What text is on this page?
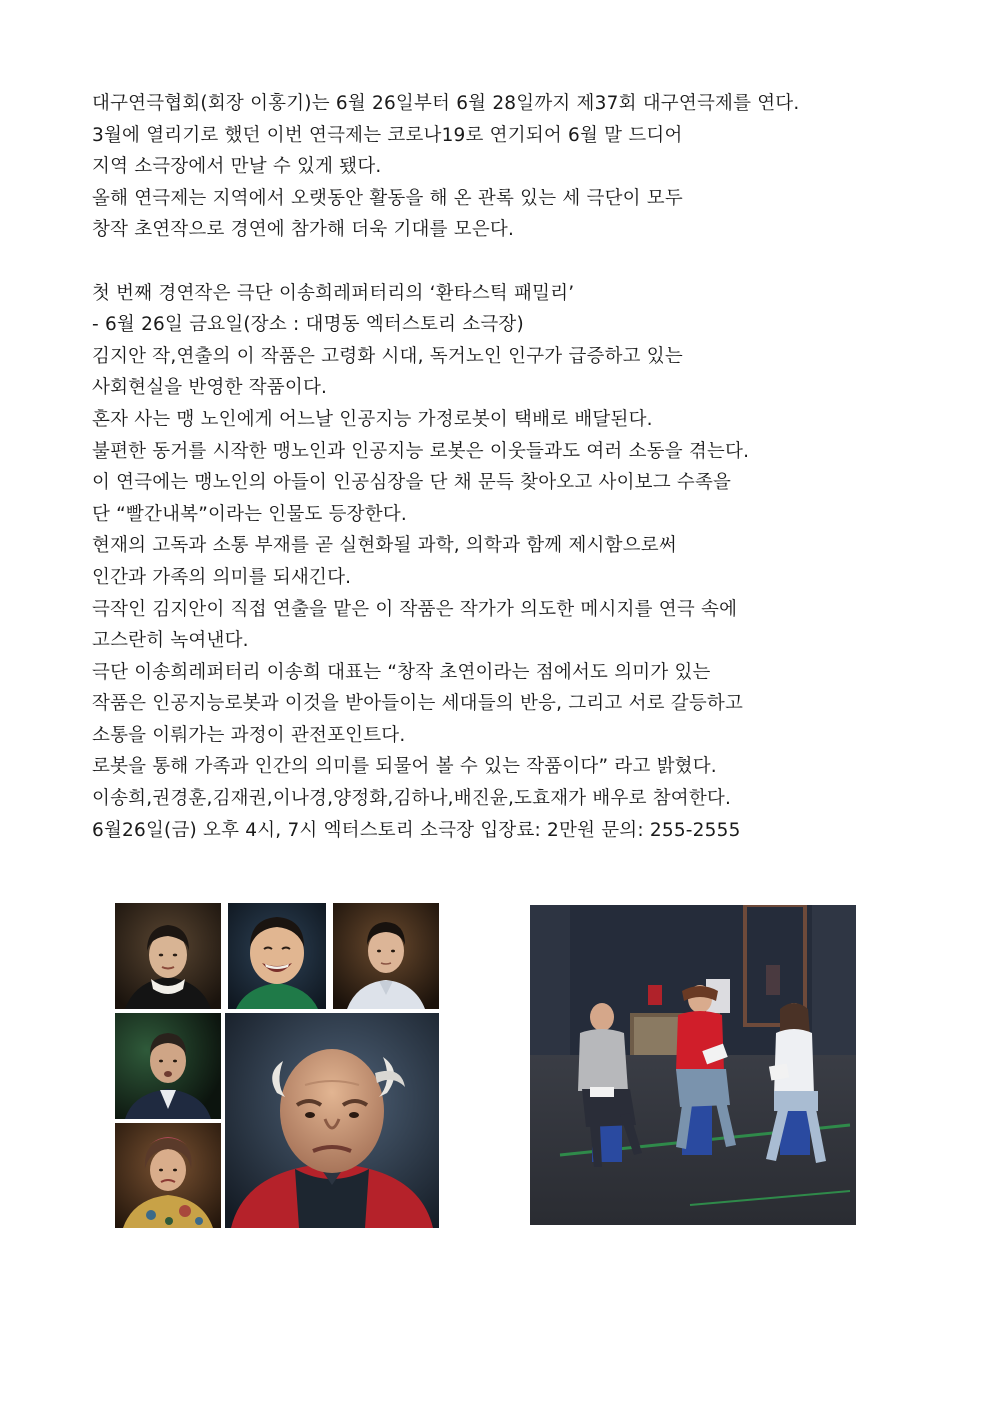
대구연극협회(회장 이홍기)는 6월 26일부터 6월 28일까지 제37회 대구연극제를 연다.
3월에 열리기로 했던 이번 연극제는 코로나19로 연기되어 6월 말 드디어
지역 소극장에서 만날 수 있게 됐다.
올해 연극제는 지역에서 오랫동안 활동을 해 온 관록 있는 세 극단이 모두
창작 초연작으로 경연에 참가해 더욱 기대를 모은다.
첫 번째 경연작은 극단 이송희레퍼터리의 ‘환타스틱 패밀리’
- 6월 26일 금요일(장소 : 대명동 엑터스토리 소극장)
김지안 작,연출의 이 작품은 고령화 시대, 독거노인 인구가 급증하고 있는
사회현실을 반영한 작품이다.
혼자 사는 맹 노인에게 어느날 인공지능 가정로봇이 택배로 배달된다.
불편한 동거를 시작한 맹노인과 인공지능 로봇은 이웃들과도 여러 소동을 겪는다.
이 연극에는 맹노인의 아들이 인공심장을 단 채 문득 찾아오고 사이보그 수족을
단 “빨간내복”이라는 인물도 등장한다.
현재의 고독과 소통 부재를 곧 실현화될 과학, 의학과 함께 제시함으로써
인간과 가족의 의미를 되새긴다.
극작인 김지안이 직접 연출을 맡은 이 작품은 작가가 의도한 메시지를 연극 속에
고스란히 녹여낸다.
극단 이송희레퍼터리 이송희 대표는 “창작 초연이라는 점에서도 의미가 있는
작품은 인공지능로봇과 이것을 받아들이는 세대들의 반응, 그리고 서로 갈등하고
소통을 이뤄가는 과정이 관전포인트다.
로봇을 통해 가족과 인간의 의미를 되물어 볼 수 있는 작품이다” 라고 밝혔다.
이송희,권경훈,김재권,이나경,양정화,김하나,배진윤,도효재가 배우로 참여한다.
6월26일(금) 오후 4시, 7시 엑터스토리 소극장 입장료: 2만원 문의: 255-2555
